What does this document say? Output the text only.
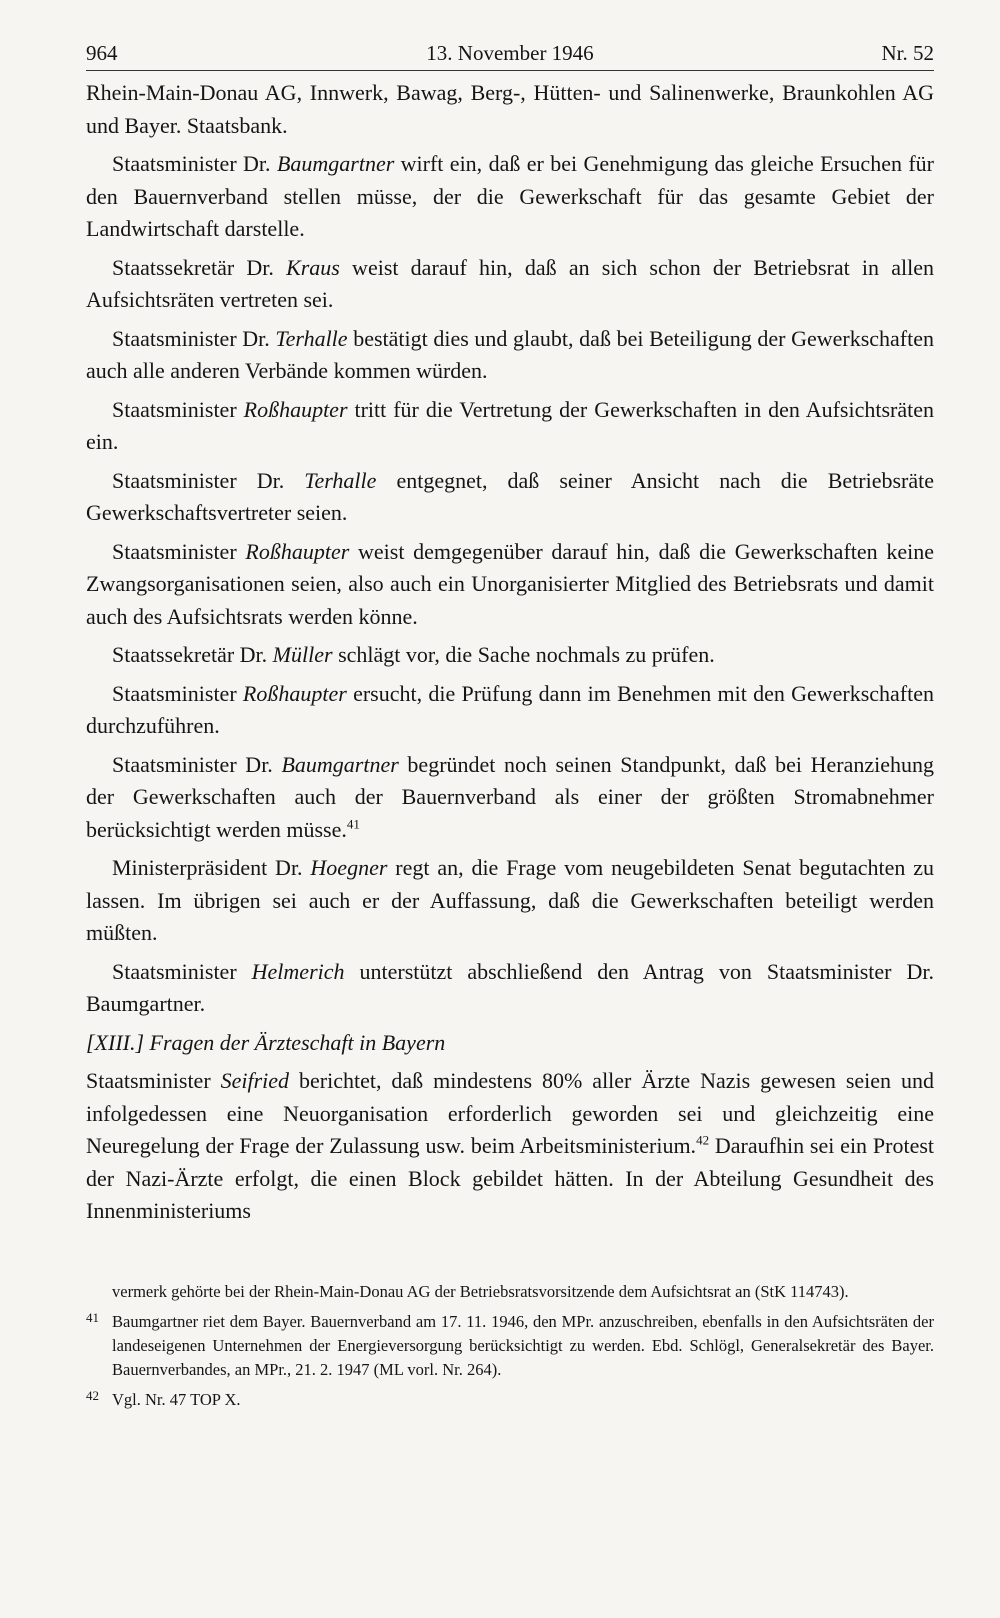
964	13. November 1946	Nr. 52

Rhein-Main-Donau AG, Innwerk, Bawag, Berg-, Hütten- und Salinenwerke, Braunkohlen AG und Bayer. Staatsbank.

Staatsminister Dr. Baumgartner wirft ein, daß er bei Genehmigung das gleiche Ersuchen für den Bauernverband stellen müsse, der die Gewerkschaft für das gesamte Gebiet der Landwirtschaft darstelle.

Staatssekretär Dr. Kraus weist darauf hin, daß an sich schon der Betriebsrat in allen Aufsichtsräten vertreten sei.

Staatsminister Dr. Terhalle bestätigt dies und glaubt, daß bei Beteiligung der Gewerkschaften auch alle anderen Verbände kommen würden.

Staatsminister Roßhaupter tritt für die Vertretung der Gewerkschaften in den Aufsichtsräten ein.

Staatsminister Dr. Terhalle entgegnet, daß seiner Ansicht nach die Betriebsräte Gewerkschaftsvertreter seien.

Staatsminister Roßhaupter weist demgegenüber darauf hin, daß die Gewerkschaften keine Zwangsorganisationen seien, also auch ein Unorganisierter Mitglied des Betriebsrats und damit auch des Aufsichtsrats werden könne.

Staatssekretär Dr. Müller schlägt vor, die Sache nochmals zu prüfen.

Staatsminister Roßhaupter ersucht, die Prüfung dann im Benehmen mit den Gewerkschaften durchzuführen.

Staatsminister Dr. Baumgartner begründet noch seinen Standpunkt, daß bei Heranziehung der Gewerkschaften auch der Bauernverband als einer der größten Stromabnehmer berücksichtigt werden müsse.$^{41}$

Ministerpräsident Dr. Hoegner regt an, die Frage vom neugebildeten Senat begutachten zu lassen. Im übrigen sei auch er der Auffassung, daß die Gewerkschaften beteiligt werden müßten.

Staatsminister Helmerich unterstützt abschließend den Antrag von Staatsminister Dr. Baumgartner.

[XIII.] Fragen der Ärzteschaft in Bayern

Staatsminister Seifried berichtet, daß mindestens 80% aller Ärzte Nazis gewesen seien und infolgedessen eine Neuorganisation erforderlich geworden sei und gleichzeitig eine Neuregelung der Frage der Zulassung usw. beim Arbeitsministerium.$^{42}$ Daraufhin sei ein Protest der Nazi-Ärzte erfolgt, die einen Block gebildet hätten. In der Abteilung Gesundheit des Innenministeriums

vermerk gehörte bei der Rhein-Main-Donau AG der Betriebsratsvorsitzende dem Aufsichtsrat an (StK 114743).

41 Baumgartner riet dem Bayer. Bauernverband am 17. 11. 1946, den MPr. anzuschreiben, ebenfalls in den Aufsichtsräten der landeseigenen Unternehmen der Energieversorgung berücksichtigt zu werden. Ebd. Schlögl, Generalsekretär des Bayer. Bauernverbandes, an MPr., 21. 2. 1947 (ML vorl. Nr. 264).

42 Vgl. Nr. 47 TOP X.
